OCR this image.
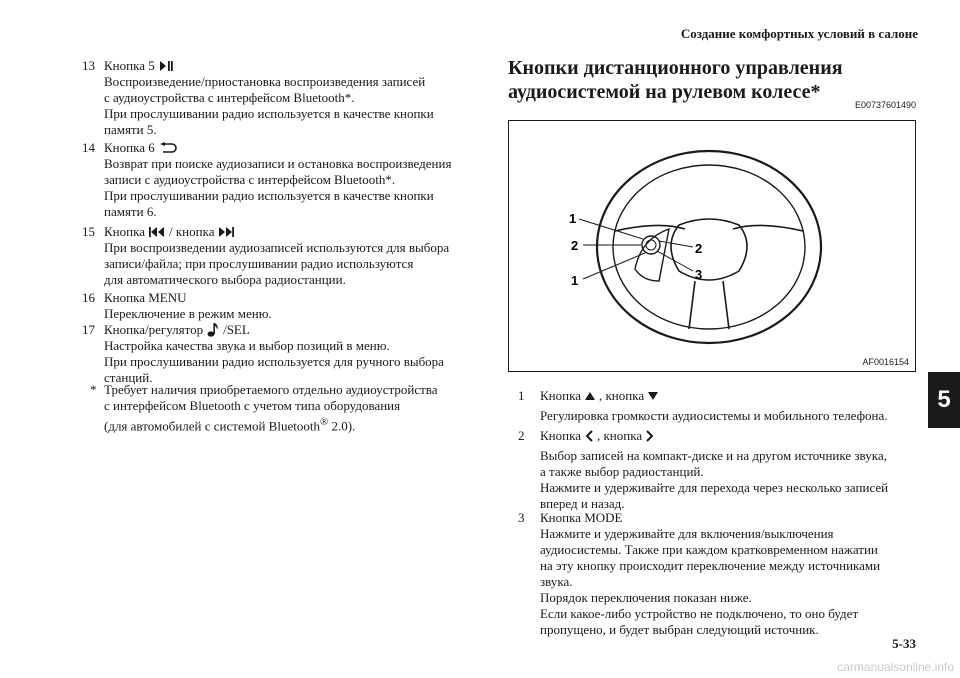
Создание комфортных условий в салоне
13 Кнопка 5
Воспроизведение/приостановка воспроизведения записей
с аудиоустройства с интерфейсом Bluetooth*.
При прослушивании радио используется в качестве кнопки
памяти 5.
14 Кнопка 6
Возврат при поиске аудиозаписи и остановка воспроизведения
записи с аудиоустройства с интерфейсом Bluetooth*.
При прослушивании радио используется в качестве кнопки
памяти 6.
15 Кнопка / кнопка
При воспроизведении аудиозаписей используются для выбора
записи/файла; при прослушивании радио используются
для автоматического выбора радиостанции.
16 Кнопка MENU
Переключение в режим меню.
17 Кнопка/регулятор /SEL
Настройка качества звука и выбор позиций в меню.
При прослушивании радио используется для ручного выбора
станций.
* Требует наличия приобретаемого отдельно аудиоустройства
с интерфейсом Bluetooth с учетом типа оборудования
(для автомобилей с системой Bluetooth® 2.0).
Кнопки дистанционного управления
аудиосистемой на рулевом колесе*
E00737601490
1
2
1
2
3
AF0016154
1 Кнопка , кнопка
Регулировка громкости аудиосистемы и мобильного телефона.
2 Кнопка , кнопка
Выбор записей на компакт-диске и на другом источнике звука,
а также выбор радиостанций.
Нажмите и удерживайте для перехода через несколько записей
вперед и назад.
3 Кнопка MODE
Нажмите и удерживайте для включения/выключения
аудиосистемы. Также при каждом кратковременном нажатии
на эту кнопку происходит переключение между источниками
звука.
Порядок переключения показан ниже.
Если какое-либо устройство не подключено, то оно будет
пропущено, и будет выбран следующий источник.
5-33
5
carmanualsonline.info
